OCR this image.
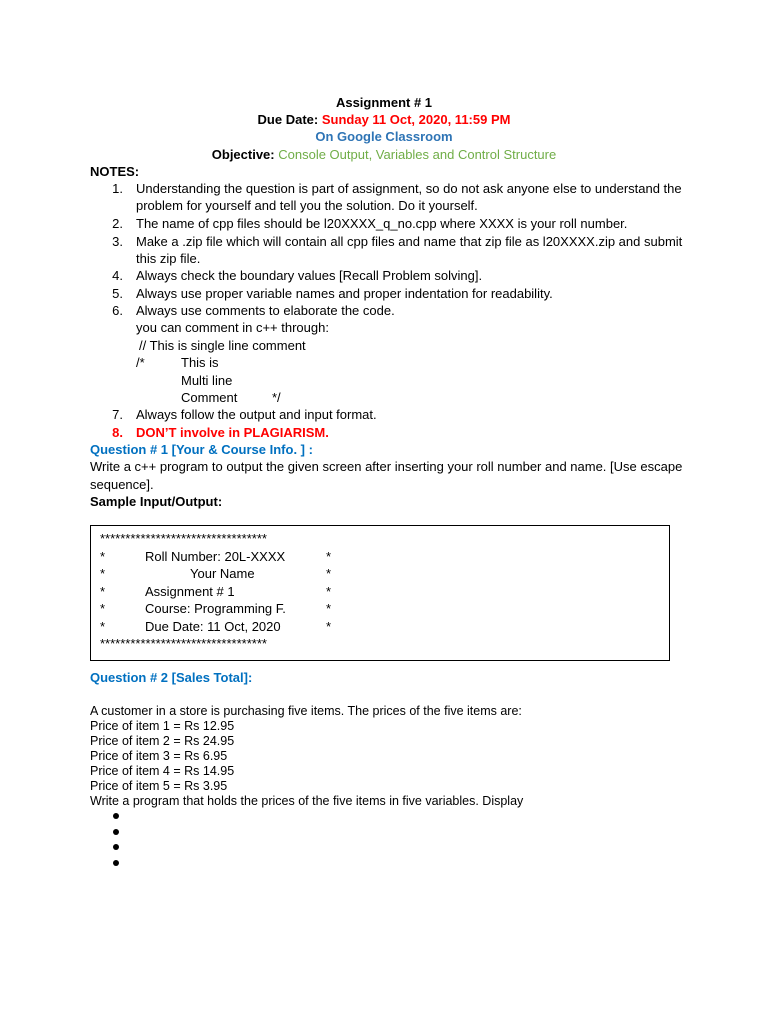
Assignment # 1
Due Date: Sunday 11 Oct, 2020, 11:59 PM
On Google Classroom
Objective: Console Output, Variables and Control Structure
NOTES:
1. Understanding the question is part of assignment, so do not ask anyone else to understand the
problem for yourself and tell you the solution. Do it yourself.
2. The name of cpp files should be l20XXXX_q_no.cpp where XXXX is your roll number.
3. Make a .zip file which will contain all cpp files and name that zip file as l20XXXX.zip and submit
this zip file.
4. Always check the boundary values [Recall Problem solving].
5. Always use proper variable names and proper indentation for readability.
6. Always use comments to elaborate the code.
you can comment in c++ through:
// This is single line comment
/*	This is
Multi line
Comment	*/
7. Always follow the output and input format.
8. DON’T involve in PLAGIARISM.
Question # 1 [Your & Course Info. ] :
Write a c++ program to output the given screen after inserting your roll number and name. [Use escape
sequence].
Sample Input/Output:
*********************************
*	Roll Number: 20L-XXXX	*
*	Your Name	*
*	Assignment # 1	*
*	Course: Programming F.	*
*	Due Date: 11 Oct, 2020	*
*********************************
Question # 2 [Sales Total]:
A customer in a store is purchasing five items. The prices of the five items are:
Price of item 1 = Rs 12.95
Price of item 2 = Rs 24.95
Price of item 3 = Rs 6.95
Price of item 4 = Rs 14.95
Price of item 5 = Rs 3.95
Write a program that holds the prices of the five items in five variables. Display
